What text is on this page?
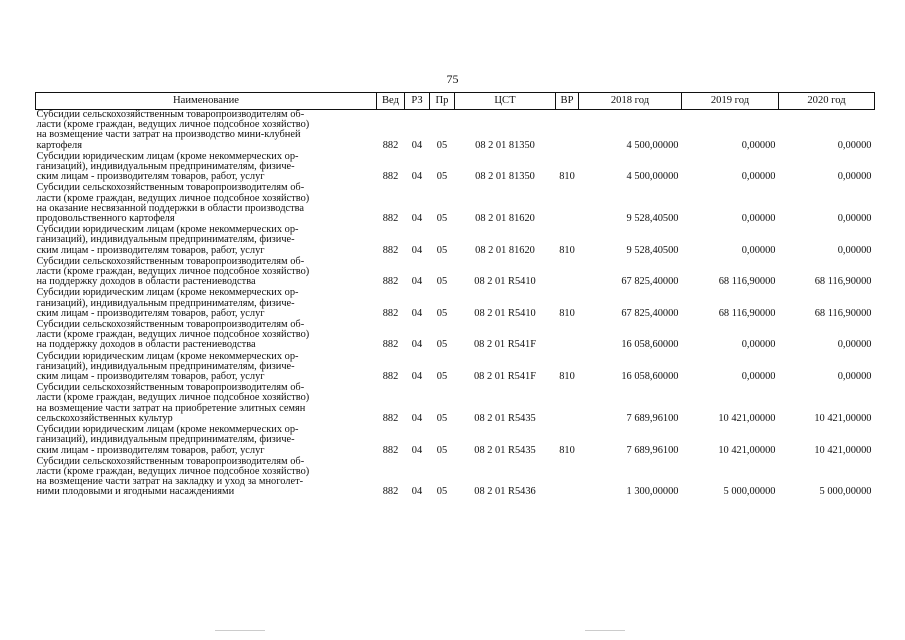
75
Наименование	Вед	РЗ	Пр	ЦСТ	ВР	2018 год	2019 год	2020 год
Субсидии сельскохозяйственным товаропроизводителям об-
ласти (кроме граждан, ведущих личное подсобное хозяйство)
на возмещение части затрат на производство мини-клубней
картофеля	882	04	05	08 2 01 81350		4 500,00000	0,00000	0,00000
Субсидии юридическим лицам (кроме некоммерческих ор-
ганизаций), индивидуальным предпринимателям, физиче-
ским лицам - производителям товаров, работ, услуг	882	04	05	08 2 01 81350	810	4 500,00000	0,00000	0,00000
Субсидии сельскохозяйственным товаропроизводителям об-
ласти (кроме граждан, ведущих личное подсобное хозяйство)
на оказание несвязанной поддержки в области производства
продовольственного картофеля	882	04	05	08 2 01 81620		9 528,40500	0,00000	0,00000
Субсидии юридическим лицам (кроме некоммерческих ор-
ганизаций), индивидуальным предпринимателям, физиче-
ским лицам - производителям товаров, работ, услуг	882	04	05	08 2 01 81620	810	9 528,40500	0,00000	0,00000
Субсидии сельскохозяйственным товаропроизводителям об-
ласти (кроме граждан, ведущих личное подсобное хозяйство)
на поддержку доходов в области растениеводства	882	04	05	08 2 01 R5410		67 825,40000	68 116,90000	68 116,90000
Субсидии юридическим лицам (кроме некоммерческих ор-
ганизаций), индивидуальным предпринимателям, физиче-
ским лицам - производителям товаров, работ, услуг	882	04	05	08 2 01 R5410	810	67 825,40000	68 116,90000	68 116,90000
Субсидии сельскохозяйственным товаропроизводителям об-
ласти (кроме граждан, ведущих личное подсобное хозяйство)
на поддержку доходов в области растениеводства	882	04	05	08 2 01 R541F		16 058,60000	0,00000	0,00000
Субсидии юридическим лицам (кроме некоммерческих ор-
ганизаций), индивидуальным предпринимателям, физиче-
ским лицам - производителям товаров, работ, услуг	882	04	05	08 2 01 R541F	810	16 058,60000	0,00000	0,00000
Субсидии сельскохозяйственным товаропроизводителям об-
ласти (кроме граждан, ведущих личное подсобное хозяйство)
на возмещение части затрат на приобретение элитных семян
сельскохозяйственных культур	882	04	05	08 2 01 R5435		7 689,96100	10 421,00000	10 421,00000
Субсидии юридическим лицам (кроме некоммерческих ор-
ганизаций), индивидуальным предпринимателям, физиче-
ским лицам - производителям товаров, работ, услуг	882	04	05	08 2 01 R5435	810	7 689,96100	10 421,00000	10 421,00000
Субсидии сельскохозяйственным товаропроизводителям об-
ласти (кроме граждан, ведущих личное подсобное хозяйство)
на возмещение части затрат на закладку и уход за многолет-
ними плодовыми и ягодными насаждениями	882	04	05	08 2 01 R5436		1 300,00000	5 000,00000	5 000,00000
